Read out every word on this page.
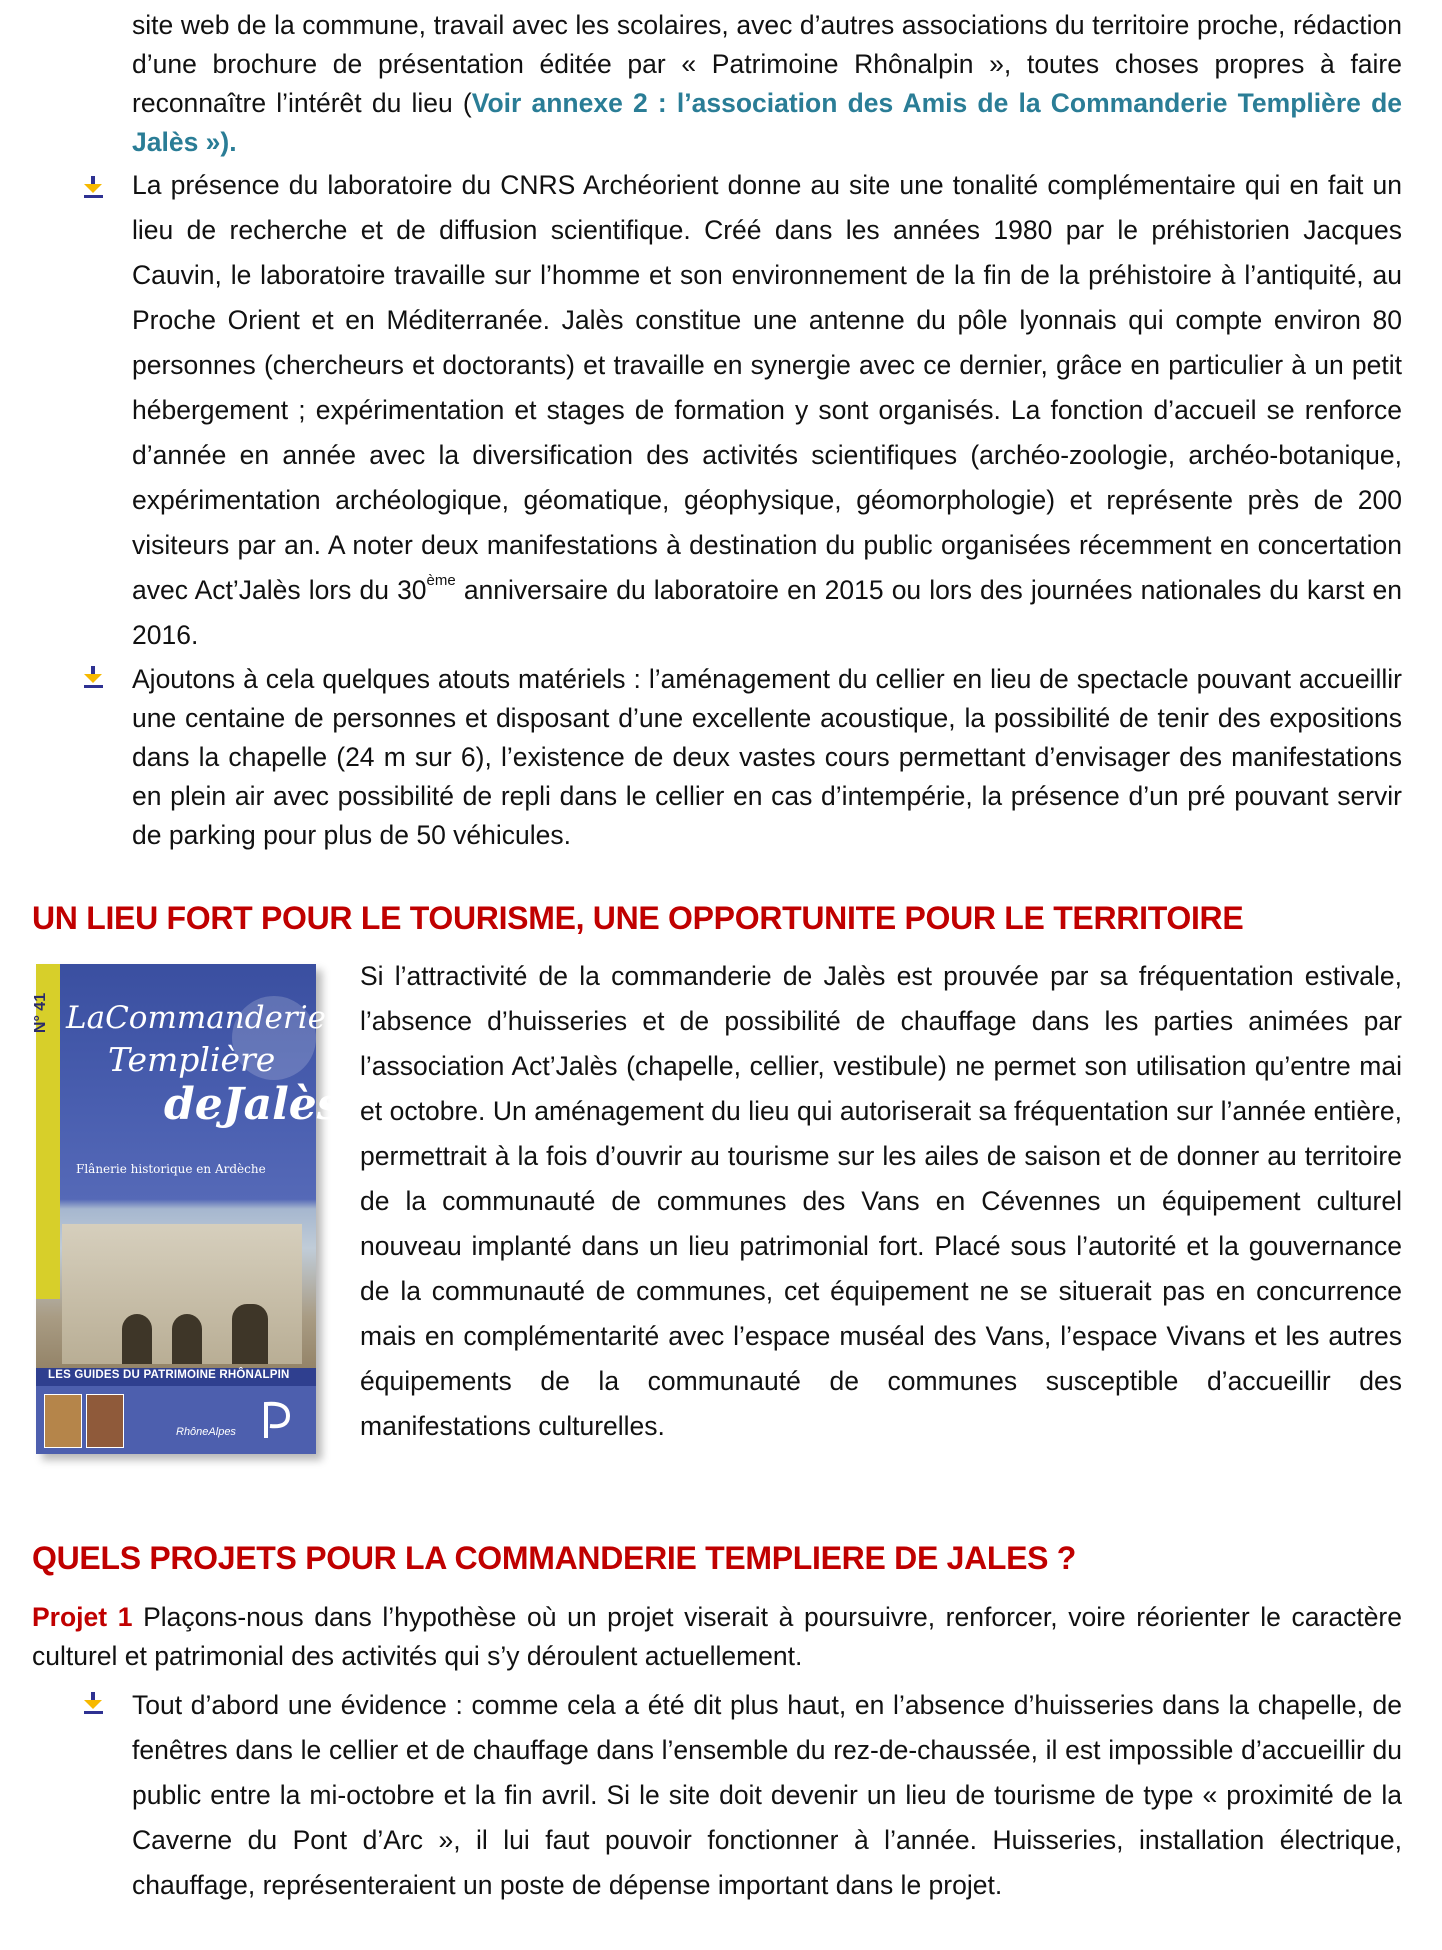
site web de la commune, travail avec les scolaires, avec d’autres associations du territoire proche, rédaction d’une brochure de présentation éditée par « Patrimoine Rhônalpin », toutes choses propres à faire reconnaître l’intérêt du lieu (Voir annexe 2 : l’association des Amis de la Commanderie Templière de Jalès »).

La présence du laboratoire du CNRS Archéorient donne au site une tonalité complémentaire qui en fait un lieu de recherche et de diffusion scientifique. Créé dans les années 1980 par le préhistorien Jacques Cauvin, le laboratoire travaille sur l’homme et son environnement de la fin de la préhistoire à l’antiquité, au Proche Orient et en Méditerranée. Jalès constitue une antenne du pôle lyonnais qui compte environ 80 personnes (chercheurs et doctorants) et travaille en synergie avec ce dernier, grâce en particulier à un petit hébergement ; expérimentation et stages de formation y sont organisés. La fonction d’accueil se renforce d’année en année avec la diversification des activités scientifiques (archéo-zoologie, archéo-botanique, expérimentation archéologique, géomatique, géophysique, géomorphologie) et représente près de 200 visiteurs par an. A noter deux manifestations à destination du public organisées récemment en concertation avec Act’Jalès lors du 30ème anniversaire du laboratoire en 2015 ou lors des journées nationales du karst en 2016.

Ajoutons à cela quelques atouts matériels : l’aménagement du cellier en lieu de spectacle pouvant accueillir une centaine de personnes et disposant d’une excellente acoustique, la possibilité de tenir des expositions dans la chapelle (24 m sur 6), l’existence de deux vastes cours permettant d’envisager des manifestations en plein air avec possibilité de repli dans le cellier en cas d’intempérie, la présence d’un pré pouvant servir de parking pour plus de 50 véhicules.

UN LIEU FORT POUR LE TOURISME, UNE OPPORTUNITE POUR LE TERRITOIRE
N° 41 LaCommanderie
Templière
deJalès
Flânerie historique en Ardèche
LES GUIDES DU PATRIMOINE RHÔNALPIN
RhôneAlpes

Si l’attractivité de la commanderie de Jalès est prouvée par sa fréquentation estivale, l’absence d’huisseries et de possibilité de chauffage dans les parties animées par l’association Act’Jalès (chapelle, cellier, vestibule) ne permet son utilisation qu’entre mai et octobre. Un aménagement du lieu qui autoriserait sa fréquentation sur l’année entière, permettrait à la fois d’ouvrir au tourisme sur les ailes de saison et de donner au territoire de la communauté de communes des Vans en Cévennes un équipement culturel nouveau implanté dans un lieu patrimonial fort. Placé sous l’autorité et la gouvernance de la communauté de communes, cet équipement ne se situerait pas en concurrence mais en complémentarité avec l’espace muséal des Vans, l’espace Vivans et les autres équipements de la communauté de communes susceptible d’accueillir des manifestations culturelles.

QUELS PROJETS POUR LA COMMANDERIE TEMPLIERE DE JALES ?

Projet 1 Plaçons-nous dans l’hypothèse où un projet viserait à poursuivre, renforcer, voire réorienter le caractère culturel et patrimonial des activités qui s’y déroulent actuellement.

Tout d’abord une évidence : comme cela a été dit plus haut, en l’absence d’huisseries dans la chapelle, de fenêtres dans le cellier et de chauffage dans l’ensemble du rez-de-chaussée, il est impossible d’accueillir du public entre la mi-octobre et la fin avril. Si le site doit devenir un lieu de tourisme de type « proximité de la Caverne du Pont d’Arc », il lui faut pouvoir fonctionner à l’année. Huisseries, installation électrique, chauffage, représenteraient un poste de dépense important dans le projet.
